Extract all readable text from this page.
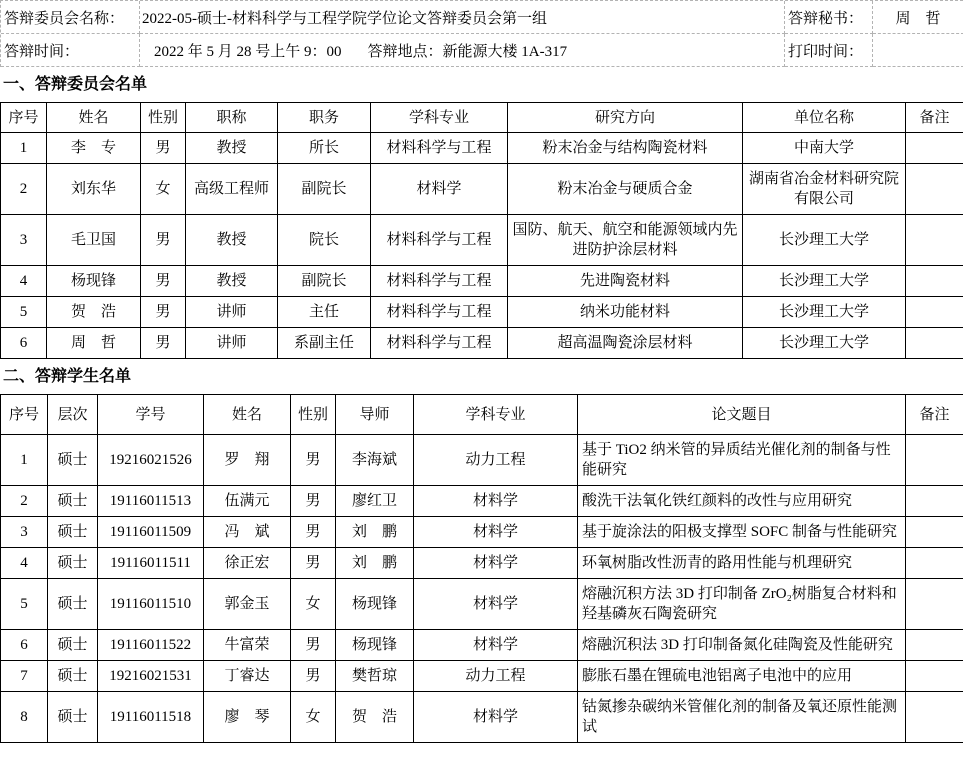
答辩委员会名称：	2022-05-硕士-材料科学与工程学院学位论文答辩委员会第一组	答辩秘书：	周　哲
答辩时间：	2022 年 5 月 28 号上午 9：00 答辩地点：新能源大楼 1A-317	打印时间：
一、答辩委员会名单
序号	姓名	性别	职称	职务	学科专业	研究方向	单位名称	备注
1	李　专	男	教授	所长	材料科学与工程	粉末冶金与结构陶瓷材料	中南大学	
2	刘东华	女	高级工程师	副院长	材料学	粉末冶金与硬质合金	湖南省冶金材料研究院有限公司	
3	毛卫国	男	教授	院长	材料科学与工程	国防、航天、航空和能源领域内先进防护涂层材料	长沙理工大学	
4	杨现锋	男	教授	副院长	材料科学与工程	先进陶瓷材料	长沙理工大学	
5	贺　浩	男	讲师	主任	材料科学与工程	纳米功能材料	长沙理工大学	
6	周　哲	男	讲师	系副主任	材料科学与工程	超高温陶瓷涂层材料	长沙理工大学	
二、答辩学生名单
序号	层次	学号	姓名	性别	导师	学科专业	论文题目	备注
1	硕士	19216021526	罗　翔	男	李海斌	动力工程	基于 TiO2 纳米管的异质结光催化剂的制备与性能研究	
2	硕士	19116011513	伍满元	男	廖红卫	材料学	酸洗干法氧化铁红颜料的改性与应用研究	
3	硕士	19116011509	冯　斌	男	刘　鹏	材料学	基于旋涂法的阳极支撑型 SOFC 制备与性能研究	
4	硕士	19116011511	徐正宏	男	刘　鹏	材料学	环氧树脂改性沥青的路用性能与机理研究	
5	硕士	19116011510	郭金玉	女	杨现锋	材料学	熔融沉积方法 3D 打印制备 ZrO₂树脂复合材料和羟基磷灰石陶瓷研究	
6	硕士	19116011522	牛富荣	男	杨现锋	材料学	熔融沉积法 3D 打印制备氮化硅陶瓷及性能研究	
7	硕士	19216021531	丁睿达	男	樊哲琼	动力工程	膨胀石墨在锂硫电池铝离子电池中的应用	
8	硕士	19116011518	廖　琴	女	贺　浩	材料学	钴氮掺杂碳纳米管催化剂的制备及氧还原性能测试	
